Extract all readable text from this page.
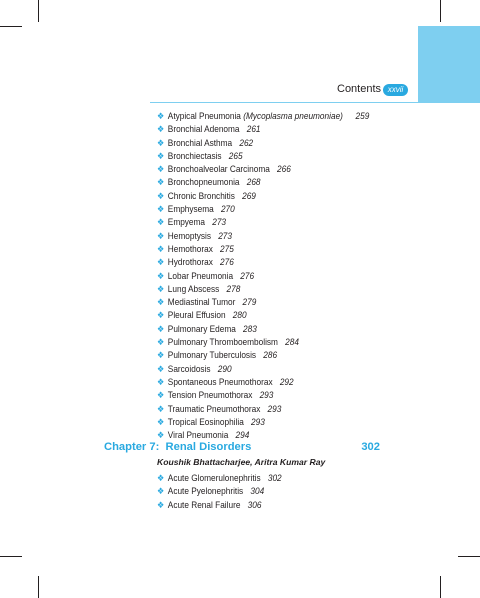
Contents xxvii
❖ Atypical Pneumonia (Mycoplasma pneumoniae) 259
❖ Bronchial Adenoma 261
❖ Bronchial Asthma 262
❖ Bronchiectasis 265
❖ Bronchoalveolar Carcinoma 266
❖ Bronchopneumonia 268
❖ Chronic Bronchitis 269
❖ Emphysema 270
❖ Empyema 273
❖ Hemoptysis 273
❖ Hemothorax 275
❖ Hydrothorax 276
❖ Lobar Pneumonia 276
❖ Lung Abscess 278
❖ Mediastinal Tumor 279
❖ Pleural Effusion 280
❖ Pulmonary Edema 283
❖ Pulmonary Thromboembolism 284
❖ Pulmonary Tuberculosis 286
❖ Sarcoidosis 290
❖ Spontaneous Pneumothorax 292
❖ Tension Pneumothorax 293
❖ Traumatic Pneumothorax 293
❖ Tropical Eosinophilia 293
❖ Viral Pneumonia 294
Chapter 7: Renal Disorders	302
Koushik Bhattacharjee, Aritra Kumar Ray
❖ Acute Glomerulonephritis 302
❖ Acute Pyelonephritis 304
❖ Acute Renal Failure 306
